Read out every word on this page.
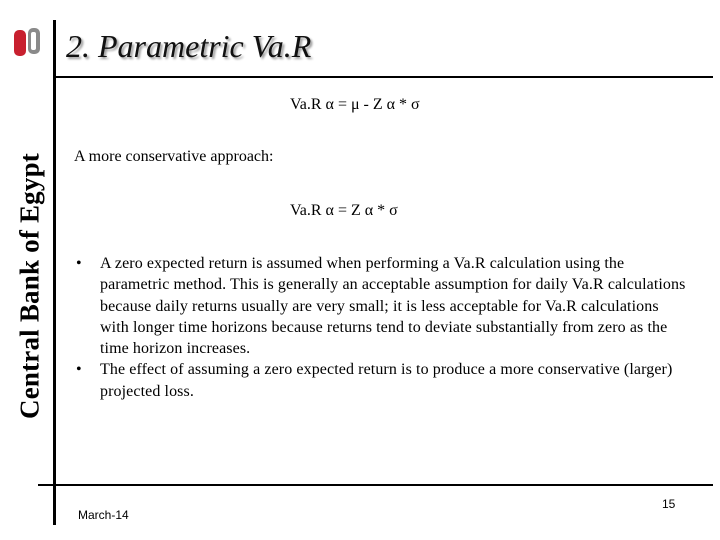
Central Bank of Egypt
2. Parametric Va.R
Va.R α = μ - Z α * σ
A more conservative approach:
Va.R α = Z α * σ
• A zero expected return is assumed when performing a Va.R calculation using the parametric method. This is generally an acceptable assumption for daily Va.R calculations because daily returns usually are very small; it is less acceptable for Va.R calculations with longer time horizons because returns tend to deviate substantially from zero as the time horizon increases.
• The effect of assuming a zero expected return is to produce a more conservative (larger) projected loss.
March-14
15
